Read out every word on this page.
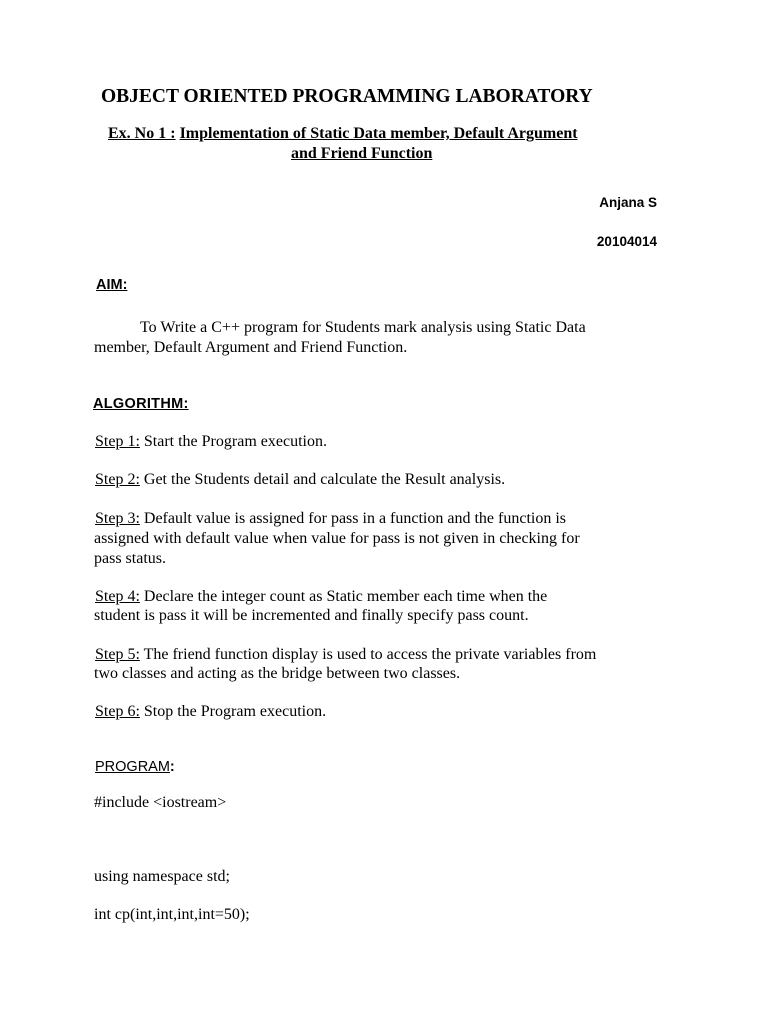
OBJECT ORIENTED PROGRAMMING LABORATORY
Ex. No 1 : Implementation of Static Data member, Default Argument
and Friend Function
Anjana S
20104014
AIM:
To Write a C++ program for Students mark analysis using Static Data
member, Default Argument and Friend Function.
ALGORITHM:
Step 1: Start the Program execution.
Step 2: Get the Students detail and calculate the Result analysis.
Step 3: Default value is assigned for pass in a function and the function is
assigned with default value when value for pass is not given in checking for
pass status.
Step 4: Declare the integer count as Static member each time when the
student is pass it will be incremented and finally specify pass count.
Step 5: The friend function display is used to access the private variables from
two classes and acting as the bridge between two classes.
Step 6: Stop the Program execution.
PROGRAM:
#include <iostream>
using namespace std;
int cp(int,int,int,int=50);
